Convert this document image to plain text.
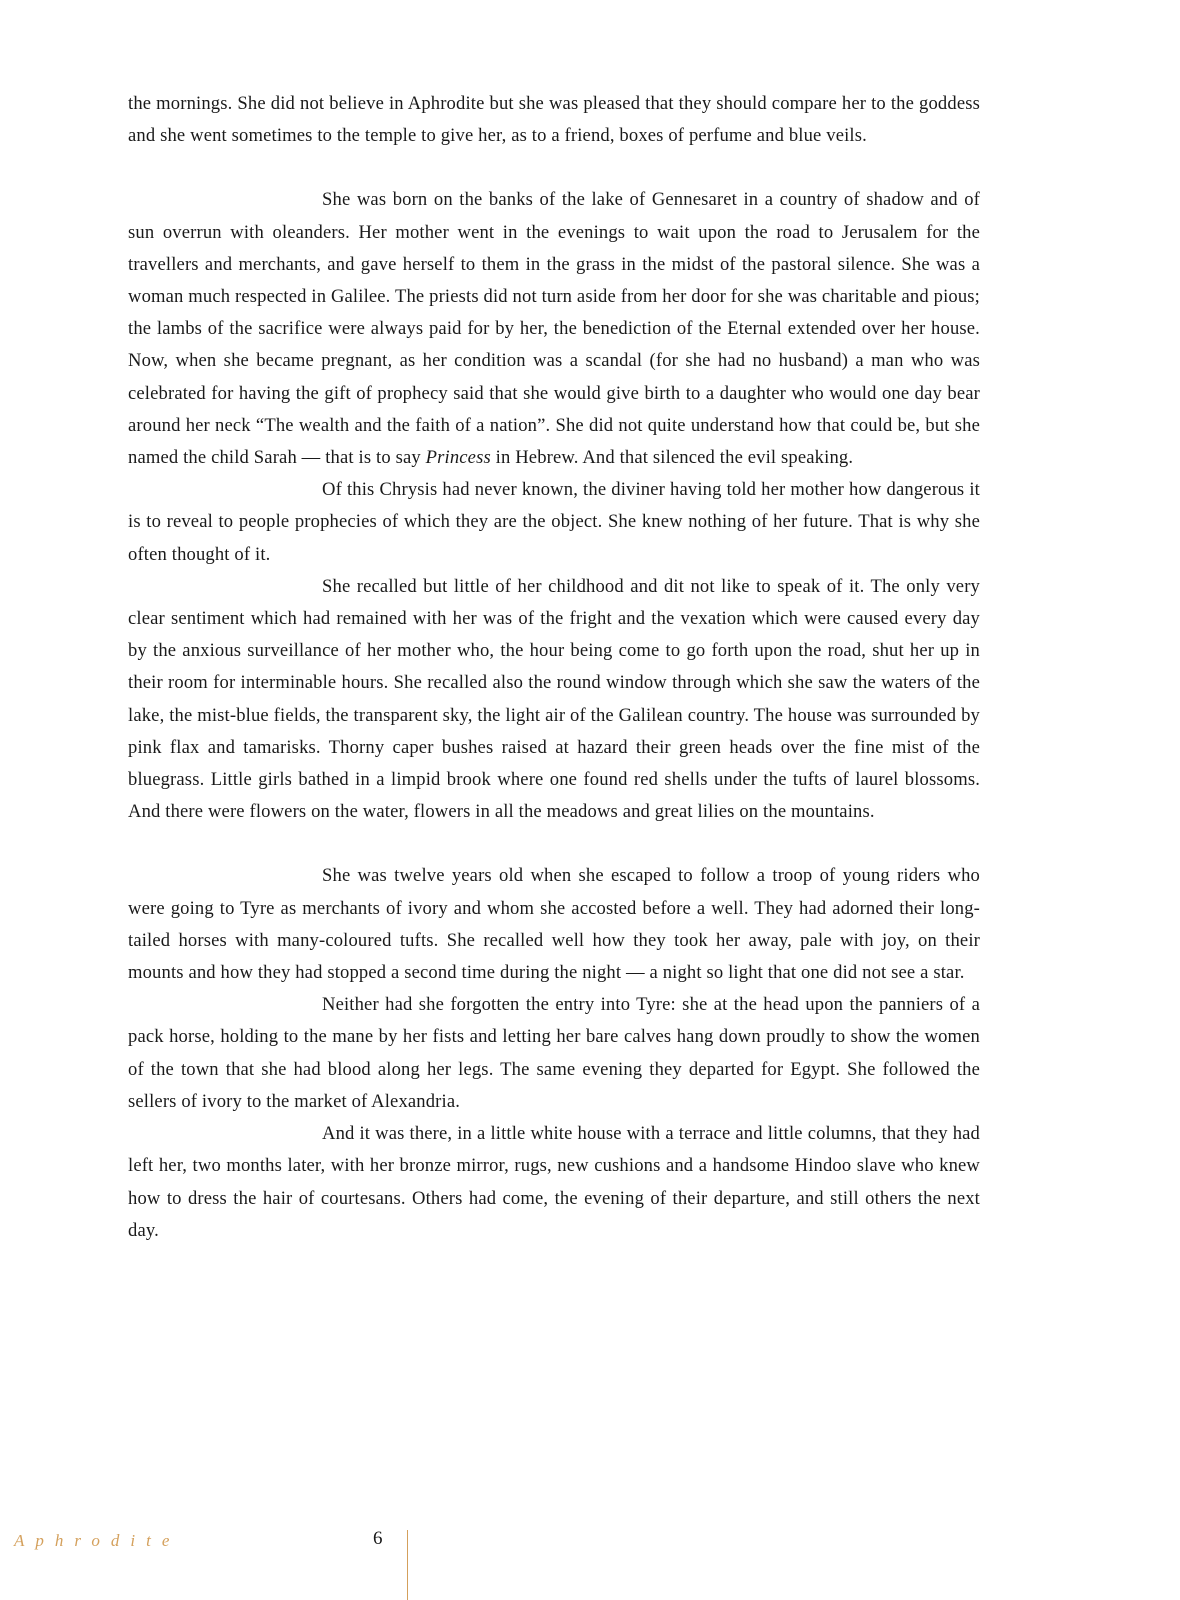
the mornings. She did not believe in Aphrodite but she was pleased that they should compare her to the goddess and she went sometimes to the temple to give her, as to a friend, boxes of perfume and blue veils.

She was born on the banks of the lake of Gennesaret in a country of shadow and of sun overrun with oleanders. Her mother went in the evenings to wait upon the road to Jerusalem for the travellers and merchants, and gave herself to them in the grass in the midst of the pastoral silence. She was a woman much respected in Galilee. The priests did not turn aside from her door for she was charitable and pious; the lambs of the sacrifice were always paid for by her, the benediction of the Eternal extended over her house. Now, when she became pregnant, as her condition was a scandal (for she had no husband) a man who was celebrated for having the gift of prophecy said that she would give birth to a daughter who would one day bear around her neck “The wealth and the faith of a nation”. She did not quite understand how that could be, but she named the child Sarah — that is to say Princess in Hebrew. And that silenced the evil speaking.

Of this Chrysis had never known, the diviner having told her mother how dangerous it is to reveal to people prophecies of which they are the object. She knew nothing of her future. That is why she often thought of it.

She recalled but little of her childhood and dit not like to speak of it. The only very clear sentiment which had remained with her was of the fright and the vexation which were caused every day by the anxious surveillance of her mother who, the hour being come to go forth upon the road, shut her up in their room for interminable hours. She recalled also the round window through which she saw the waters of the lake, the mist-blue fields, the transparent sky, the light air of the Galilean country. The house was surrounded by pink flax and tamarisks. Thorny caper bushes raised at hazard their green heads over the fine mist of the bluegrass. Little girls bathed in a limpid brook where one found red shells under the tufts of laurel blossoms. And there were flowers on the water, flowers in all the meadows and great lilies on the mountains.

She was twelve years old when she escaped to follow a troop of young riders who were going to Tyre as merchants of ivory and whom she accosted before a well. They had adorned their long-tailed horses with many-coloured tufts. She recalled well how they took her away, pale with joy, on their mounts and how they had stopped a second time during the night — a night so light that one did not see a star.

Neither had she forgotten the entry into Tyre: she at the head upon the panniers of a pack horse, holding to the mane by her fists and letting her bare calves hang down proudly to show the women of the town that she had blood along her legs. The same evening they departed for Egypt. She followed the sellers of ivory to the market of Alexandria.

And it was there, in a little white house with a terrace and little columns, that they had left her, two months later, with her bronze mirror, rugs, new cushions and a handsome Hindoo slave who knew how to dress the hair of courtesans. Others had come, the evening of their departure, and still others the next day.

Aphrodite	6
